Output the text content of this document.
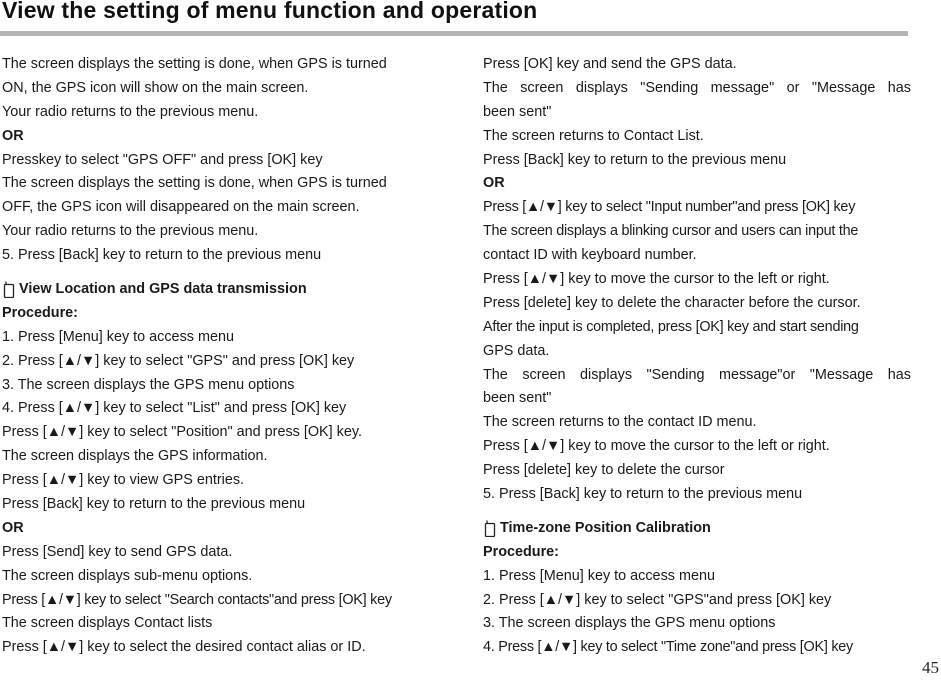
View the setting of menu function and operation
The screen displays the setting is done, when GPS is turned
ON, the GPS icon will show on the main screen.
Your radio returns to the previous menu.
OR
Presskey to select "GPS OFF" and press [OK] key
The screen displays the setting is done, when GPS is turned
OFF, the GPS icon will disappeared on the main screen.
Your radio returns to the previous menu.
5. Press [Back] key to return to the previous menu
View Location and GPS data transmission
Procedure:
1. Press [Menu] key to access menu
2. Press [▲/▼] key to select "GPS" and press [OK] key
3. The screen displays the GPS menu options
4. Press [▲/▼] key to select "List" and press [OK] key
Press [▲/▼] key to select "Position" and press [OK] key.
The screen displays the GPS information.
Press [▲/▼] key to view GPS entries.
Press [Back] key to return to the previous menu
OR
Press [Send] key to send GPS data.
The screen displays sub-menu options.
Press [▲/▼] key to select "Search contacts"and press [OK] key
The screen displays Contact lists
Press [▲/▼] key to select the desired contact alias or ID.
Press [OK] key and send the GPS data.
The screen displays "Sending message" or "Message has
been sent"
The screen returns to Contact List.
Press [Back] key to return to the previous menu
OR
Press [▲/▼] key to select "Input number"and press [OK] key
The screen displays a blinking cursor and users can input the
contact ID with keyboard number.
Press [▲/▼] key to move the cursor to the left or right.
Press [delete] key to delete the character before the cursor.
After the input is completed, press [OK] key and start sending
GPS data.
The screen displays "Sending message"or "Message has
been sent"
The screen returns to the contact ID menu.
Press [▲/▼] key to move the cursor to the left or right.
Press [delete] key to delete the cursor
5. Press [Back] key to return to the previous menu
Time-zone Position Calibration
Procedure:
1. Press [Menu] key to access menu
2. Press [▲/▼] key to select "GPS"and press [OK] key
3. The screen displays the GPS menu options
4. Press [▲/▼] key to select "Time zone"and press [OK] key

45
